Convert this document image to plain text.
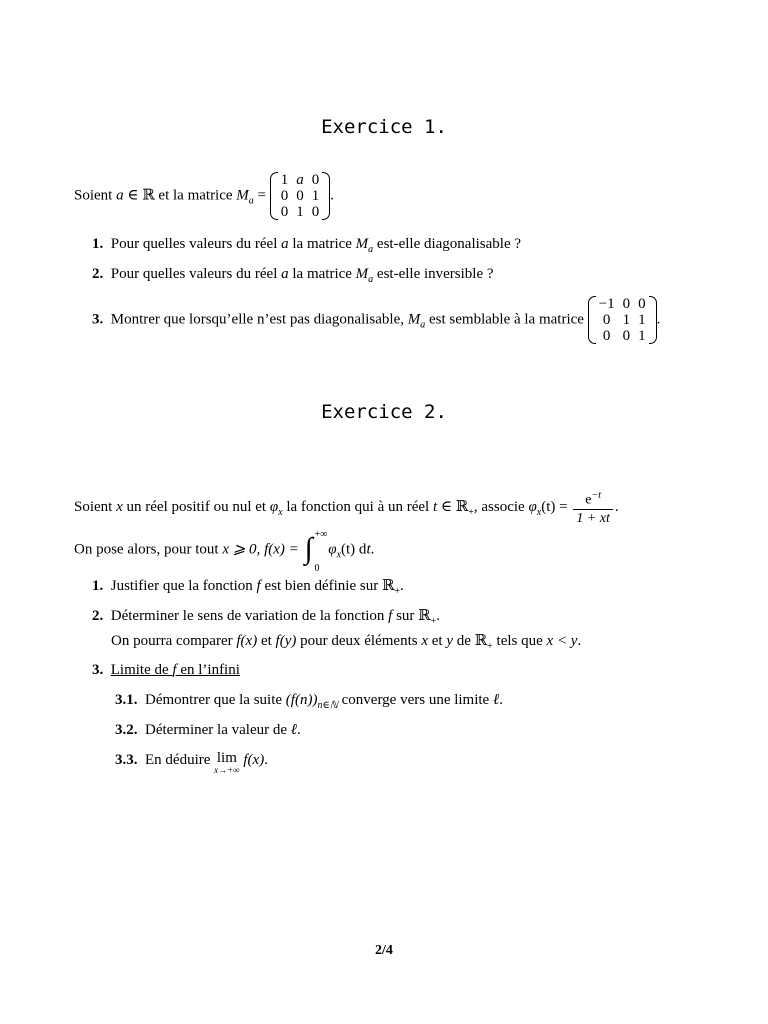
Exercice 1.
Soient a ∈ ℝ et la matrice $M_a$ =
1	a	0
0	0	1
0	1	0
.
1. Pour quelles valeurs du réel a la matrice $M_a$ est-elle diagonalisable ?
2. Pour quelles valeurs du réel a la matrice $M_a$ est-elle inversible ?
3. Montrer que lorsqu’elle n’est pas diagonalisable, $M_a$ est semblable à la matrice
−1	0	0
0	1	1
0	0	1
.
Exercice 2.
Soient x un réel positif ou nul et $\varphi_x$ la fonction qui à un réel t ∈ ℝ$_+$, associe $\varphi_x(t) = \frac{e^{-t}}{1 + xt}$ .
On pose alors, pour tout x ⩾ 0, f(x) = ∫ +∞
0
$\varphi_x(t)$ dt.
1. Justifier que la fonction f est bien définie sur ℝ$_+$.
2. Déterminer le sens de variation de la fonction f sur ℝ$_+$.
On pourra comparer f(x) et f(y) pour deux éléments x et y de ℝ$_+$ tels que x < y.
3. Limite de f en l’infini
3.1. Démontrer que la suite $(f(n))_{n\in ℕ}$ converge vers une limite ℓ.
3.2. Déterminer la valeur de ℓ.
3.3. En déduire lim
x→+∞
f(x).
2/4
